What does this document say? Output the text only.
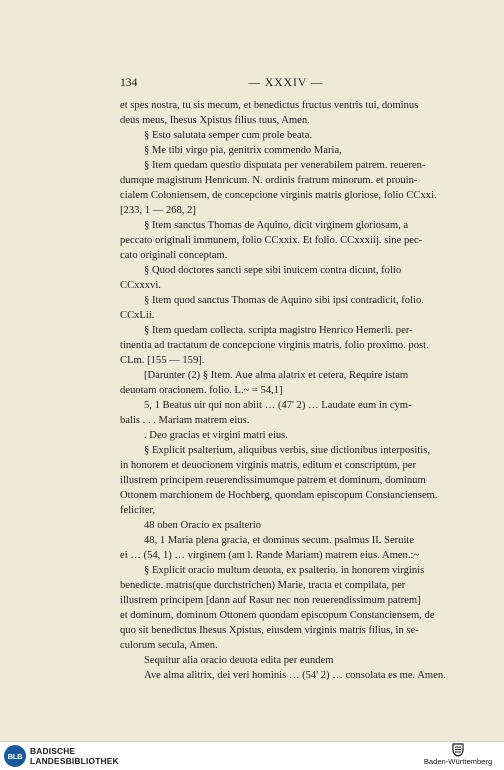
134	— XXXIV —

et spes nostra, tu sis mecum, et benedictus fructus ventris tui, dominus

deus meus, Ihesus Xpistus filius tuus, Amen.

§ Esto salutata semper cum prole beata.

§ Me tibi virgo pia, genitrix commendo Maria,

§ Item quedam questio disputata per venerabilem patrem. reueren-

dumque magistrum Henricum. N. ordinis fratrum minorum. et prouin-

cialem Coloniensem, de concepcione virginis matris gloriose, folio CCxxi.

[233, 1 — 268, 2]

§ Item sanctus Thomas de Aquino, dicit virginem gloriosam, a

peccato originali immunem, folio CCxxix. Et folio. CCxxxiij. sine pec-

cato originali conceptam.

§ Quod doctores sancti sepe sibi inuicem contra dicunt, folio

CCxxxvi.

§ Item quod sanctus Thomas de Aquino sibi ipsi contradicit, folio.

CCxLii.

§ Item quedam collecta. scripta magistro Henrico Hemerli. per-

tinentia ad tractatum de concepcione virginis matris, folio proximo. post.

CLm. [155 — 159].

[Darunter (2) § Item. Aue alma alatrix et cetera, Require istam

deuotam oracionem. folio. L.~ = 54,1]

5, 1 Beatus uir qui non abiit … (47' 2) … Laudate eum in cym-

balis . . . Mariam matrem eius.

. Deo gracias et virgini matri eius.

§ Explicit psalterium, aliquibus verbis, siue dictionibus interpositis,

in honorem et deuocionem virginis matris, editum et conscriptum, per

illustrem principem reuerendissimumque patrem et dominum, dominum

Ottonem marchionem de Hochberg, quondam episcopum Constanciensem.

feliciter,

48 oben Oracio ex psalterio

48, 1 Maria plena gracia, et dominus secum. psalmus II. Seruite

ei … (54, 1) … virginem (am l. Rande Mariam) matrem eius. Amen.:~

§ Explicit oracio multum deuota, ex psalterio. in honorem virginis

benedicte. matris(que durchstrichen) Marie, tracta et compilata, per

illustrem principem [dann auf Rasur nec non reuerendissimum patrem]

et dominum, dominum Ottonem quondam episcopum Constanciensem, de

quo sit benedictus Ihesus Xpistus, eiusdem virginis matris filius, in se-

culorum secula, Amen.

Sequitur alia oracio deuota edita per eundem

Ave alma alitrix, dei veri hominis … (54' 2) … consolata es me. Amen.

BLB BADISCHE
LANDESBIBLIOTHEK	Baden-Württemberg
